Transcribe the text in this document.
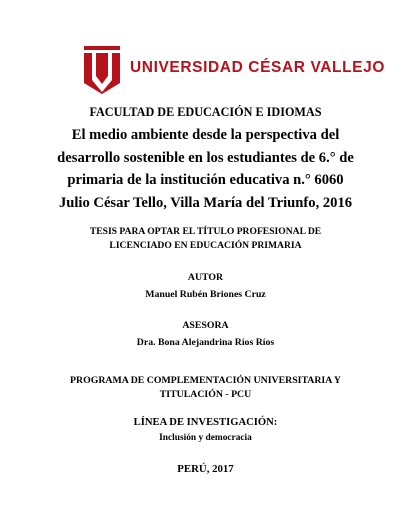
UNIVERSIDAD CÉSAR VALLEJO
FACULTAD DE EDUCACIÓN E IDIOMAS
El medio ambiente desde la perspectiva del desarrollo sostenible en los estudiantes de 6.° de primaria de la institución educativa n.° 6060 Julio César Tello, Villa María del Triunfo, 2016
TESIS PARA OPTAR EL TÍTULO PROFESIONAL DE LICENCIADO EN EDUCACIÓN PRIMARIA
AUTOR
Manuel Rubén Briones Cruz
ASESORA
Dra. Bona Alejandrina Ríos Ríos
PROGRAMA DE COMPLEMENTACIÓN UNIVERSITARIA Y TITULACIÓN - PCU
LÍNEA DE INVESTIGACIÓN:
Inclusión y democracia
PERÚ, 2017
